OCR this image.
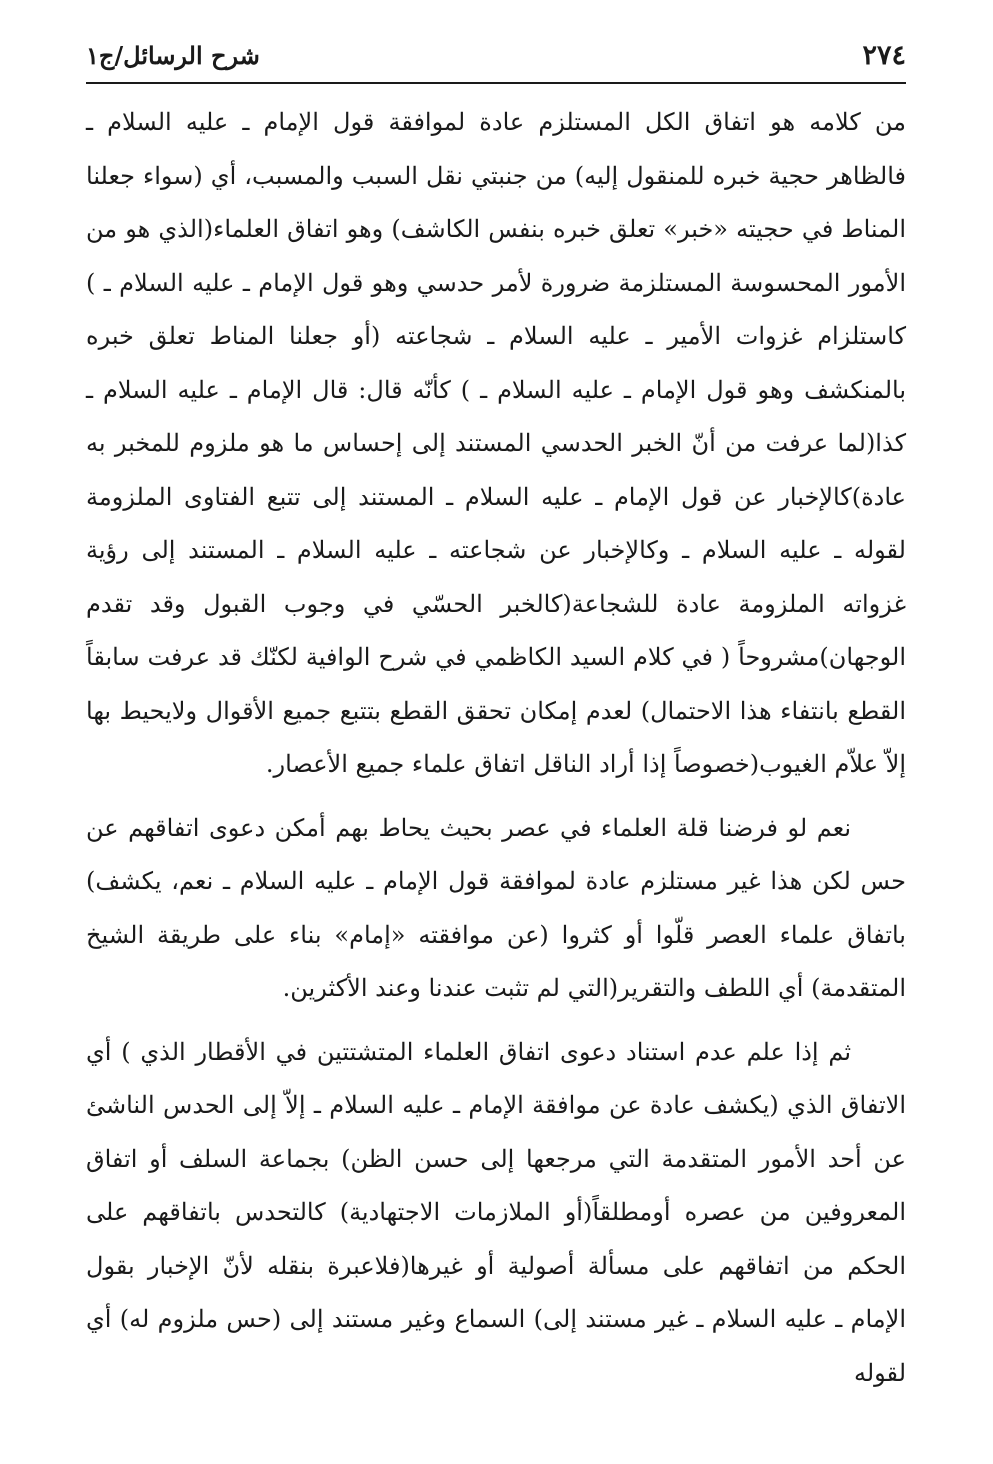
٢٧٤
شرح الرسائل/ج١

من كلامه هو اتفاق الكل المستلزم عادة لموافقة قول الإمام ـ عليه السلام ـ فالظاهر حجية خبره للمنقول إليه) من جنبتي نقل السبب والمسبب، أي (سواء جعلنا المناط في حجيته «خبر» تعلق خبره بنفس الكاشف) وهو اتفاق العلماء(الذي هو من الأمور المحسوسة المستلزمة ضرورة لأمر حدسي وهو قول الإمام ـ عليه السلام ـ ) كاستلزام غزوات الأمير ـ عليه السلام ـ شجاعته (أو جعلنا المناط تعلق خبره بالمنكشف وهو قول الإمام ـ عليه السلام ـ ) كأنّه قال: قال الإمام ـ عليه السلام ـ كذا(لما عرفت من أنّ الخبر الحدسي المستند إلى إحساس ما هو ملزوم للمخبر به عادة)كالإخبار عن قول الإمام ـ عليه السلام ـ المستند إلى تتبع الفتاوى الملزومة لقوله ـ عليه السلام ـ وكالإخبار عن شجاعته ـ عليه السلام ـ المستند إلى رؤية غزواته الملزومة عادة للشجاعة(كالخبر الحسّي في وجوب القبول وقد تقدم الوجهان)مشروحاً ( في كلام السيد الكاظمي في شرح الوافية لكنّك قد عرفت سابقاً القطع بانتفاء هذا الاحتمال) لعدم إمكان تحقق القطع بتتبع جميع الأقوال ولايحيط بها إلاّ علاّم الغيوب(خصوصاً إذا أراد الناقل اتفاق علماء جميع الأعصار.

نعم لو فرضنا قلة العلماء في عصر بحيث يحاط بهم أمكن دعوى اتفاقهم عن حس لكن هذا غير مستلزم عادة لموافقة قول الإمام ـ عليه السلام ـ نعم، يكشف) باتفاق علماء العصر قلّوا أو كثروا (عن موافقته «إمام» بناء على طريقة الشيخ المتقدمة) أي اللطف والتقرير(التي لم تثبت عندنا وعند الأكثرين.

ثم إذا علم عدم استناد دعوى اتفاق العلماء المتشتتين في الأقطار الذي ) أي الاتفاق الذي (يكشف عادة عن موافقة الإمام ـ عليه السلام ـ إلاّ إلى الحدس الناشئ عن أحد الأمور المتقدمة التي مرجعها إلى حسن الظن) بجماعة السلف أو اتفاق المعروفين من عصره أومطلقاً(أو الملازمات الاجتهادية) كالتحدس باتفاقهم على الحكم من اتفاقهم على مسألة أصولية أو غيرها(فلاعبرة بنقله لأنّ الإخبار بقول الإمام ـ عليه السلام ـ غير مستند إلى) السماع وغير مستند إلى (حس ملزوم له) أي لقوله
